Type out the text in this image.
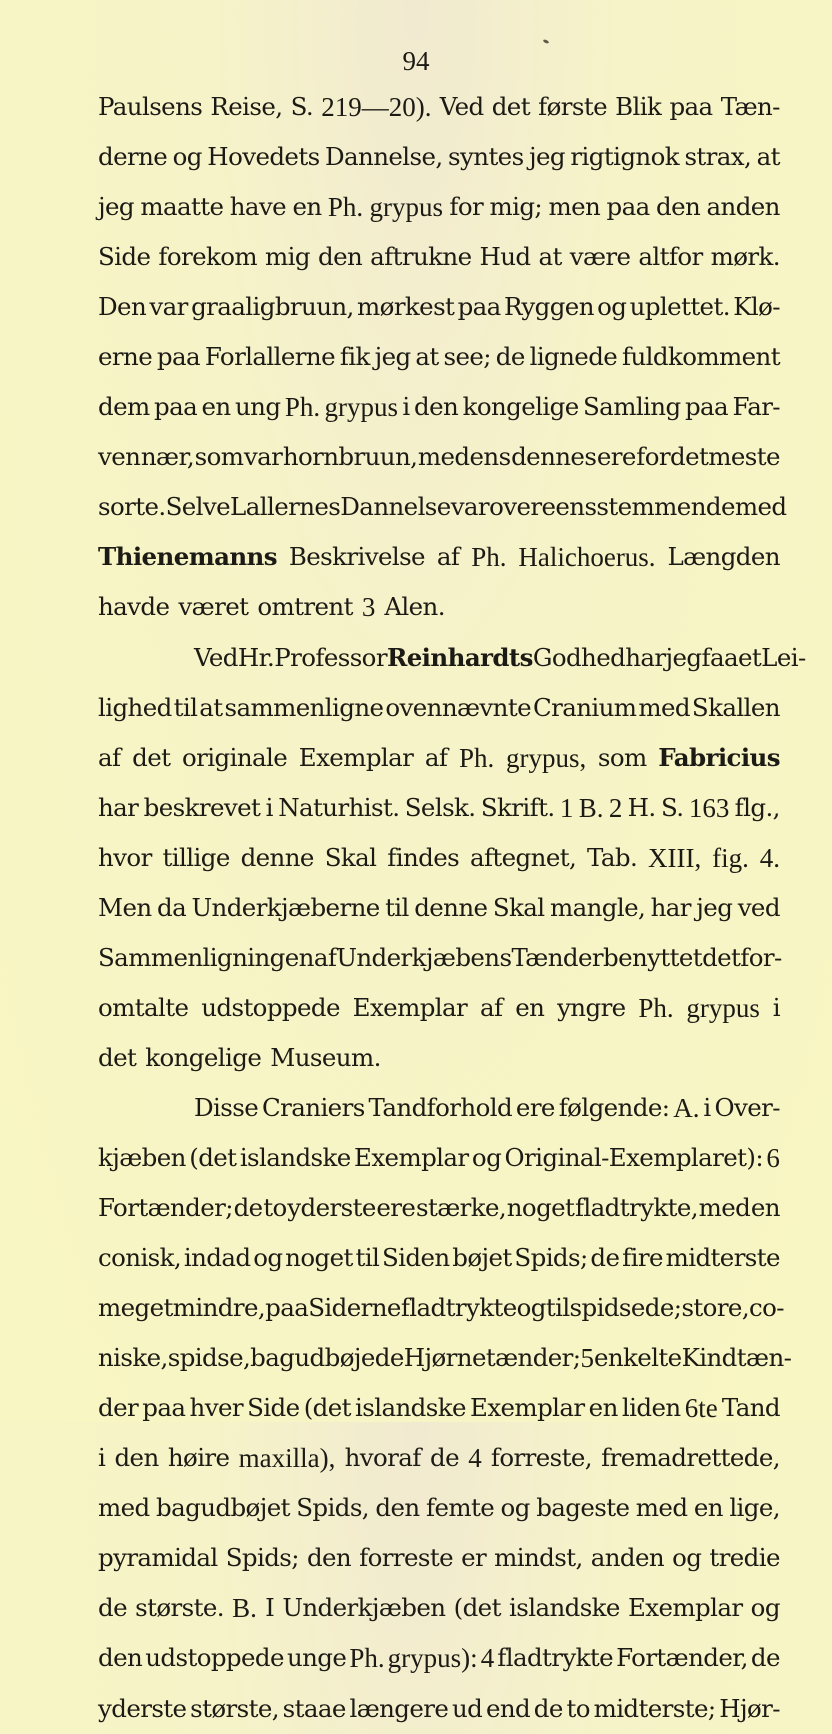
94
Paulsens Reise, S. 219—20). Ved det første Blik paa Tæn-
derne og Hovedets Dannelse, syntes jeg rigtignok strax, at
jeg maatte have en Ph. grypus for mig; men paa den anden
Side forekom mig den aftrukne Hud at være altfor mørk.
Den var graaligbruun, mørkest paa Ryggen og uplettet. Klø-
erne paa Forlallerne fik jeg at see; de lignede fuldkomment
dem paa en ung Ph. grypus i den kongelige Samling paa Far-
ven nær, som var hornbruun, medens dennes ere fordetmeste
sorte. Selve Lallernes Dannelse var overeensstemmende med
Thienemanns Beskrivelse af Ph. Halichoerus. Længden
havde været omtrent 3 Alen.
Ved Hr. Professor Reinhardts Godhed har jeg faaet Lei-
lighed til at sammenligne ovennævnte Cranium med Skallen
af det originale Exemplar af Ph. grypus, som Fabricius
har beskrevet i Naturhist. Selsk. Skrift. 1 B. 2 H. S. 163 flg.,
hvor tillige denne Skal findes aftegnet, Tab. XIII, fig. 4.
Men da Underkjæberne til denne Skal mangle, har jeg ved
Sammenligningen af Underkjæbens Tænder benyttet det for-
omtalte udstoppede Exemplar af en yngre Ph. grypus i
det kongelige Museum.
Disse Craniers Tandforhold ere følgende: A. i Over-
kjæben (det islandske Exemplar og Original-Exemplaret): 6
Fortænder; de to yderste ere stærke, noget fladtrykte, med en
conisk, indad og noget til Siden bøjet Spids; de fire midterste
meget mindre, paa Siderne fladtrykte og tilspidsede; store, co-
niske, spidse, bagudbøjede Hjørnetænder; 5 enkelte Kindtæn-
der paa hver Side (det islandske Exemplar en liden 6te Tand
i den høire maxilla), hvoraf de 4 forreste, fremadrettede,
med bagudbøjet Spids, den femte og bageste med en lige,
pyramidal Spids; den forreste er mindst, anden og tredie
de største. B. I Underkjæben (det islandske Exemplar og
den udstoppede unge Ph. grypus): 4 fladtrykte Fortænder, de
yderste største, staae længere ud end de to midterste; Hjør-
